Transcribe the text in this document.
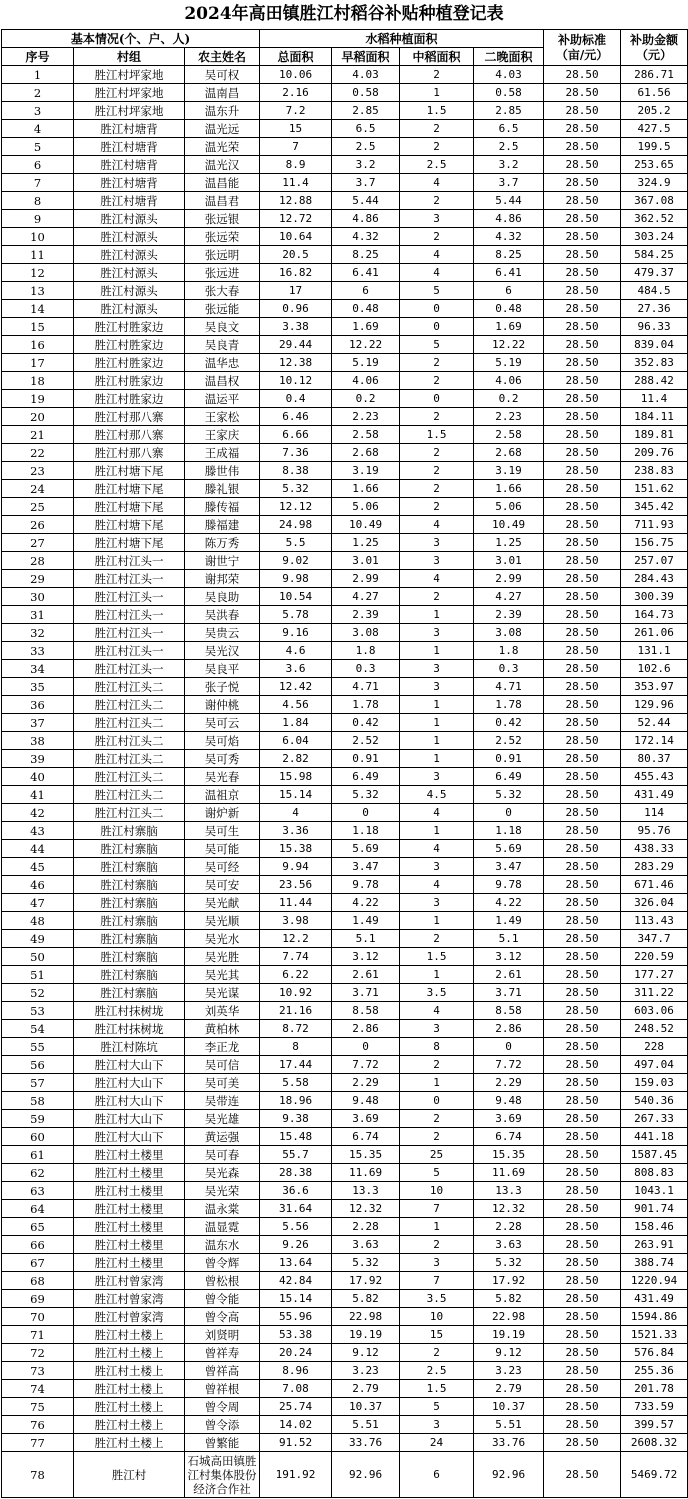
2024年高田镇胜江村稻谷补贴种植登记表
基本情况(个、户、人)			水稻种植面积				补助标准（亩/元）	补助金额（元）
序号	村组	农主姓名	总面积	早稻面积	中稻面积	二晚面积		
1	胜江村坪家地	吴可权	10.06	4.03	2	4.03	28.50	286.71
2	胜江村坪家地	温南昌	2.16	0.58	1	0.58	28.50	61.56
3	胜江村坪家地	温东升	7.2	2.85	1.5	2.85	28.50	205.2
4	胜江村塘背	温光远	15	6.5	2	6.5	28.50	427.5
5	胜江村塘背	温光荣	7	2.5	2	2.5	28.50	199.5
6	胜江村塘背	温光汉	8.9	3.2	2.5	3.2	28.50	253.65
7	胜江村塘背	温昌能	11.4	3.7	4	3.7	28.50	324.9
8	胜江村塘背	温昌君	12.88	5.44	2	5.44	28.50	367.08
9	胜江村源头	张远银	12.72	4.86	3	4.86	28.50	362.52
10	胜江村源头	张远荣	10.64	4.32	2	4.32	28.50	303.24
11	胜江村源头	张远明	20.5	8.25	4	8.25	28.50	584.25
12	胜江村源头	张远进	16.82	6.41	4	6.41	28.50	479.37
13	胜江村源头	张大春	17	6	5	6	28.50	484.5
14	胜江村源头	张远能	0.96	0.48	0	0.48	28.50	27.36
15	胜江村胜家边	吴良文	3.38	1.69	0	1.69	28.50	96.33
16	胜江村胜家边	吴良青	29.44	12.22	5	12.22	28.50	839.04
17	胜江村胜家边	温华忠	12.38	5.19	2	5.19	28.50	352.83
18	胜江村胜家边	温昌权	10.12	4.06	2	4.06	28.50	288.42
19	胜江村胜家边	温运平	0.4	0.2	0	0.2	28.50	11.4
20	胜江村那八寨	王家松	6.46	2.23	2	2.23	28.50	184.11
21	胜江村那八寨	王家庆	6.66	2.58	1.5	2.58	28.50	189.81
22	胜江村那八寨	王成福	7.36	2.68	2	2.68	28.50	209.76
23	胜江村塘下尾	滕世伟	8.38	3.19	2	3.19	28.50	238.83
24	胜江村塘下尾	滕礼银	5.32	1.66	2	1.66	28.50	151.62
25	胜江村塘下尾	滕传福	12.12	5.06	2	5.06	28.50	345.42
26	胜江村塘下尾	滕福建	24.98	10.49	4	10.49	28.50	711.93
27	胜江村塘下尾	陈万秀	5.5	1.25	3	1.25	28.50	156.75
28	胜江村江头一	谢世宁	9.02	3.01	3	3.01	28.50	257.07
29	胜江村江头一	谢邦荣	9.98	2.99	4	2.99	28.50	284.43
30	胜江村江头一	吴良助	10.54	4.27	2	4.27	28.50	300.39
31	胜江村江头一	吴洪春	5.78	2.39	1	2.39	28.50	164.73
32	胜江村江头一	吴贵云	9.16	3.08	3	3.08	28.50	261.06
33	胜江村江头一	吴光汉	4.6	1.8	1	1.8	28.50	131.1
34	胜江村江头一	吴良平	3.6	0.3	3	0.3	28.50	102.6
35	胜江村江头二	张子悦	12.42	4.71	3	4.71	28.50	353.97
36	胜江村江头二	谢仲桃	4.56	1.78	1	1.78	28.50	129.96
37	胜江村江头二	吴可云	1.84	0.42	1	0.42	28.50	52.44
38	胜江村江头二	吴可焰	6.04	2.52	1	2.52	28.50	172.14
39	胜江村江头二	吴可秀	2.82	0.91	1	0.91	28.50	80.37
40	胜江村江头二	吴光春	15.98	6.49	3	6.49	28.50	455.43
41	胜江村江头二	温祖京	15.14	5.32	4.5	5.32	28.50	431.49
42	胜江村江头二	谢炉新	4	0	4	0	28.50	114
43	胜江村寨脑	吴可生	3.36	1.18	1	1.18	28.50	95.76
44	胜江村寨脑	吴可能	15.38	5.69	4	5.69	28.50	438.33
45	胜江村寨脑	吴可经	9.94	3.47	3	3.47	28.50	283.29
46	胜江村寨脑	吴可安	23.56	9.78	4	9.78	28.50	671.46
47	胜江村寨脑	吴光献	11.44	4.22	3	4.22	28.50	326.04
48	胜江村寨脑	吴光顺	3.98	1.49	1	1.49	28.50	113.43
49	胜江村寨脑	吴光水	12.2	5.1	2	5.1	28.50	347.7
50	胜江村寨脑	吴光胜	7.74	3.12	1.5	3.12	28.50	220.59
51	胜江村寨脑	吴光其	6.22	2.61	1	2.61	28.50	177.27
52	胜江村寨脑	吴光谋	10.92	3.71	3.5	3.71	28.50	311.22
53	胜江村抹树垅	刘英华	21.16	8.58	4	8.58	28.50	603.06
54	胜江村抹树垅	黄柏林	8.72	2.86	3	2.86	28.50	248.52
55	胜江村陈坑	李正龙	8	0	8	0	28.50	228
56	胜江村大山下	吴可信	17.44	7.72	2	7.72	28.50	497.04
57	胜江村大山下	吴可美	5.58	2.29	1	2.29	28.50	159.03
58	胜江村大山下	吴带连	18.96	9.48	0	9.48	28.50	540.36
59	胜江村大山下	吴光雄	9.38	3.69	2	3.69	28.50	267.33
60	胜江村大山下	黄运强	15.48	6.74	2	6.74	28.50	441.18
61	胜江村土楼里	吴可春	55.7	15.35	25	15.35	28.50	1587.45
62	胜江村土楼里	吴光森	28.38	11.69	5	11.69	28.50	808.83
63	胜江村土楼里	吴光荣	36.6	13.3	10	13.3	28.50	1043.1
64	胜江村土楼里	温永棠	31.64	12.32	7	12.32	28.50	901.74
65	胜江村土楼里	温显霓	5.56	2.28	1	2.28	28.50	158.46
66	胜江村土楼里	温东水	9.26	3.63	2	3.63	28.50	263.91
67	胜江村土楼里	曾令辉	13.64	5.32	3	5.32	28.50	388.74
68	胜江村曾家湾	曾松根	42.84	17.92	7	17.92	28.50	1220.94
69	胜江村曾家湾	曾令能	15.14	5.82	3.5	5.82	28.50	431.49
70	胜江村曾家湾	曾令高	55.96	22.98	10	22.98	28.50	1594.86
71	胜江村土楼上	刘贤明	53.38	19.19	15	19.19	28.50	1521.33
72	胜江村土楼上	曾祥寿	20.24	9.12	2	9.12	28.50	576.84
73	胜江村土楼上	曾祥高	8.96	3.23	2.5	3.23	28.50	255.36
74	胜江村土楼上	曾祥根	7.08	2.79	1.5	2.79	28.50	201.78
75	胜江村土楼上	曾令周	25.74	10.37	5	10.37	28.50	733.59
76	胜江村土楼上	曾令添	14.02	5.51	3	5.51	28.50	399.57
77	胜江村土楼上	曾繁能	91.52	33.76	24	33.76	28.50	2608.32
78	胜江村	石城高田镇胜江村集体股份经济合作社	191.92	92.96	6	92.96	28.50	5469.72
